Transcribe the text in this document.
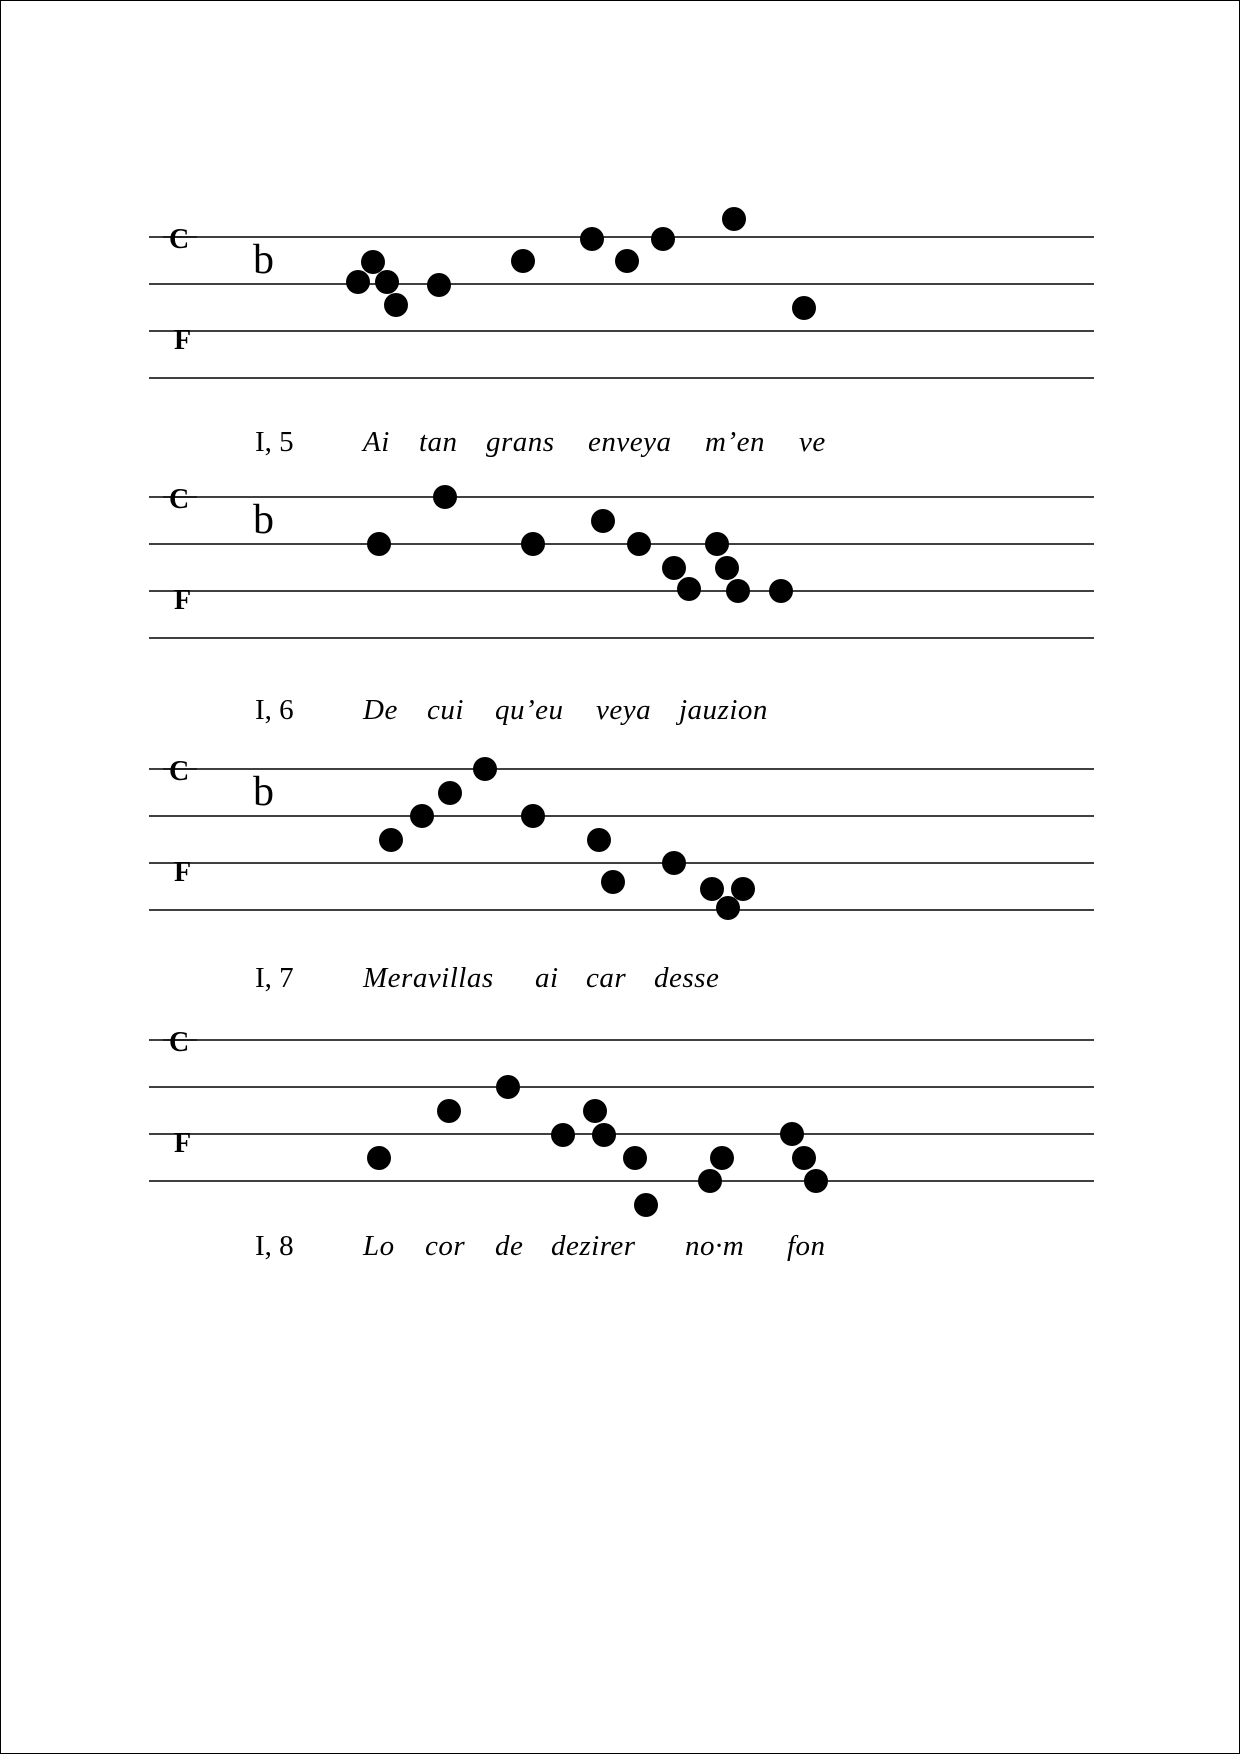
C
F
b
C
F
b
C
F
b
C
F
I, 5 Ai tan grans enveya m’en ve
I, 6 De cui qu’eu veya jauzion
I, 7 Meravillas ai car desse
I, 8 Lo cor de dezirer no·m fon
